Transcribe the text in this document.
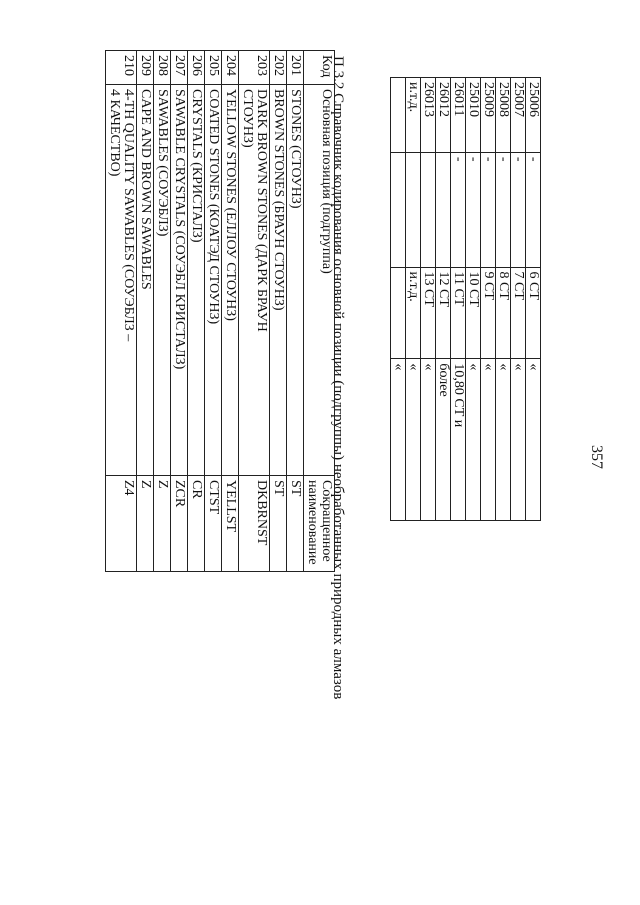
357
25006	-	6 СТ	«
25007	-	7 СТ	«
25008	-	8 СТ	«
25009	-	9 СТ	«
25010	-	10 СТ	«
26011	-	11 СТ	10,80 СТ и
26012		12 СТ	более
26013		13 СТ	«
и.т.д.		и.т.д.	«
			«
П 3.2 Справочник кодирования основной позиции (подгруппы) необработанных природных алмазов
Код	Основная позиция (подгруппа)	Сокращенное
наименование

201	STONES (СТОУНЗ)	ST
202	BROWN STONES (БРАУН СТОУНЗ)	ST
203	DARK BROWN STONES (ДАРК БРАУН
СТОУНЗ)	DKBRNST
204	YELLOW STONES (ЕЛЛОУ СТОУНЗ)	YELLST
205	COATED STONES (КОАТЭД СТОУНЗ)	CTST
206	CRYSTALS (КРИСТАЛЗ)	CR
207	SAWABLE CRYSTALS (СОУЭБЛ КРИСТАЛЗ)	ZCR
208	SAWABLES (СОУЭБЛЗ)	Z
209	CAPE AND BROWN SAWABLES	Z
210	4-TH QUALITY SAWABLES (СОУЭБЛЗ –
4 КАЧЕСТВО)	Z4
